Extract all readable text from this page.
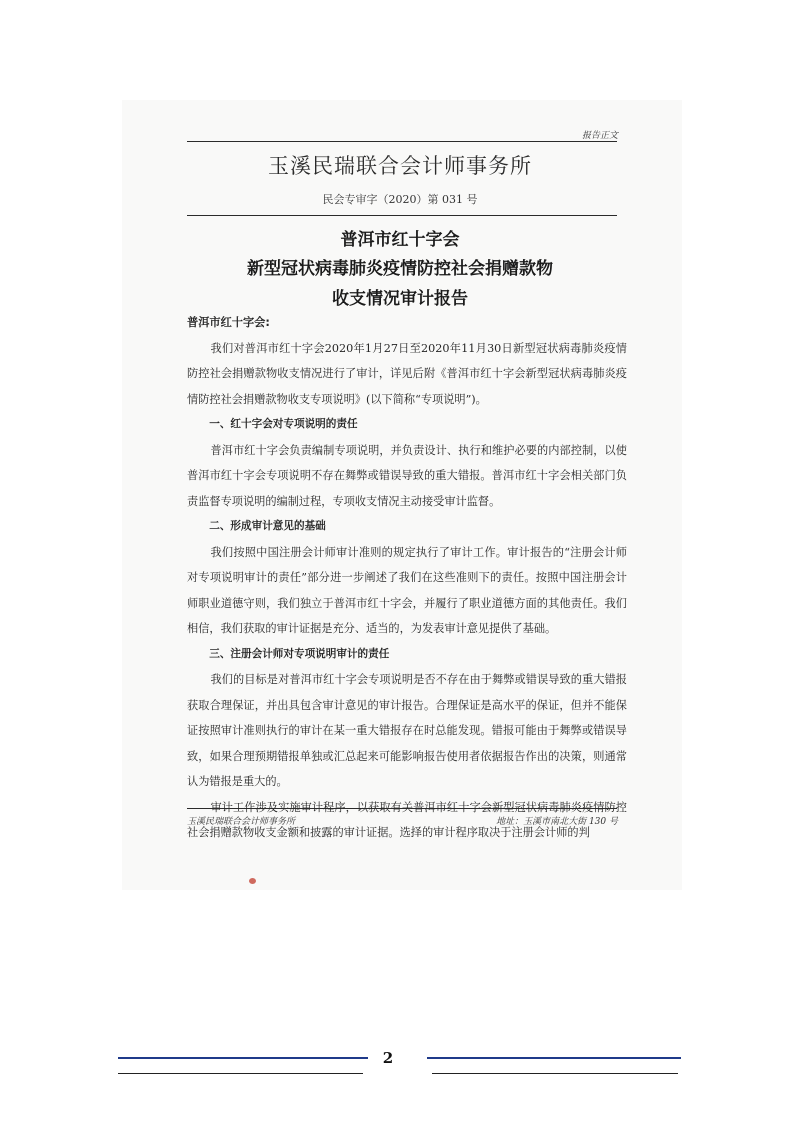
报告正文
玉溪民瑞联合会计师事务所
民会专审字（2020）第 031 号
普洱市红十字会
新型冠状病毒肺炎疫情防控社会捐赠款物
收支情况审计报告

普洱市红十字会:

我们对普洱市红十字会2020年1月27日至2020年11月30日新型冠状病毒肺炎疫情防控社会捐赠款物收支情况进行了审计，详见后附《普洱市红十字会新型冠状病毒肺炎疫情防控社会捐赠款物收支专项说明》(以下简称“专项说明”)。

一、红十字会对专项说明的责任

普洱市红十字会负责编制专项说明，并负责设计、执行和维护必要的内部控制，以使普洱市红十字会专项说明不存在舞弊或错误导致的重大错报。普洱市红十字会相关部门负责监督专项说明的编制过程，专项收支情况主动接受审计监督。

二、形成审计意见的基础

我们按照中国注册会计师审计准则的规定执行了审计工作。审计报告的“注册会计师对专项说明审计的责任”部分进一步阐述了我们在这些准则下的责任。按照中国注册会计师职业道德守则，我们独立于普洱市红十字会，并履行了职业道德方面的其他责任。我们相信，我们获取的审计证据是充分、适当的，为发表审计意见提供了基础。

三、注册会计师对专项说明审计的责任

我们的目标是对普洱市红十字会专项说明是否不存在由于舞弊或错误导致的重大错报获取合理保证，并出具包含审计意见的审计报告。合理保证是高水平的保证，但并不能保证按照审计准则执行的审计在某一重大错报存在时总能发现。错报可能由于舞弊或错误导致，如果合理预期错报单独或汇总起来可能影响报告使用者依据报告作出的决策，则通常认为错报是重大的。

审计工作涉及实施审计程序，以获取有关普洱市红十字会新型冠状病毒肺炎疫情防控社会捐赠款物收支金额和披露的审计证据。选择的审计程序取决于注册会计师的判

玉溪民瑞联合会计师事务所	地址：玉溪市南北大街 130 号
2
